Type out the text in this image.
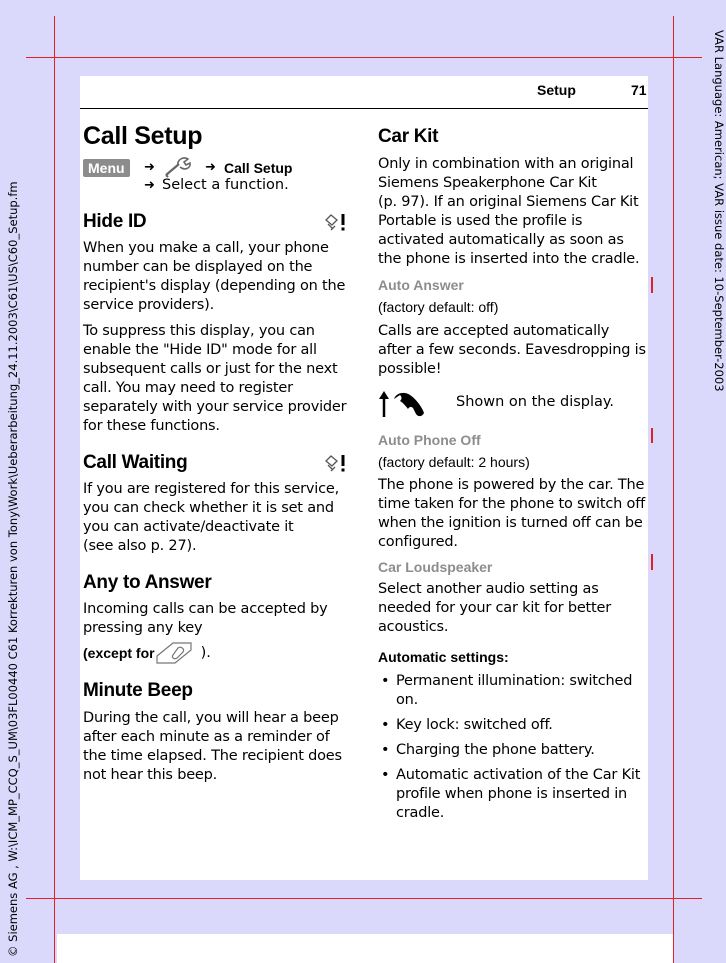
© Siemens AG , W:\ICM_MP_CCQ_S_UM\03FL00440 C61 Korrekturen von Tony\Work\Ueberarbeitung_24.11.2003\C61\US\C60_Setup.fm	VAR Language: American; VAR issue date: 10-September-2003
Setup	71
Call Setup
Menu	➜	➜ Call Setup
➜ Select a function.
Hide ID

When you make a call, your phone number can be displayed on the recipient's display (depending on the service providers).

To suppress this display, you can enable the "Hide ID" mode for all subsequent calls or just for the next call. You may need to register separately with your service provider for these functions.

Call Waiting

If you are registered for this service, you can check whether it is set and you can activate/deactivate it

(see also p. 27).

Any to Answer

Incoming calls can be accepted by pressing any key

( except for	).
Minute Beep

During the call, you will hear a beep after each minute as a reminder of the time elapsed. The recipient does not hear this beep.

Car Kit

Only in combination with an original Siemens Speakerphone Car Kit

(p. 97). If an original Siemens Car Kit Portable is used the profile is activated automatically as soon as the phone is inserted into the cradle.

Auto Answer

(factory default: off)

Calls are accepted automatically after a few seconds. Eavesdropping is possible!

Shown on the display.
Auto Phone Off

(factory default: 2 hours)

The phone is powered by the car. The time taken for the phone to switch off when the ignition is turned off can be configured.

Car Loudspeaker

Select another audio setting as needed for your car kit for better acoustics.

Automatic settings:

• Permanent illumination: switched on.
• Key lock: switched off.
• Charging the phone battery.
• Automatic activation of the Car Kit profile when phone is inserted in cradle.
